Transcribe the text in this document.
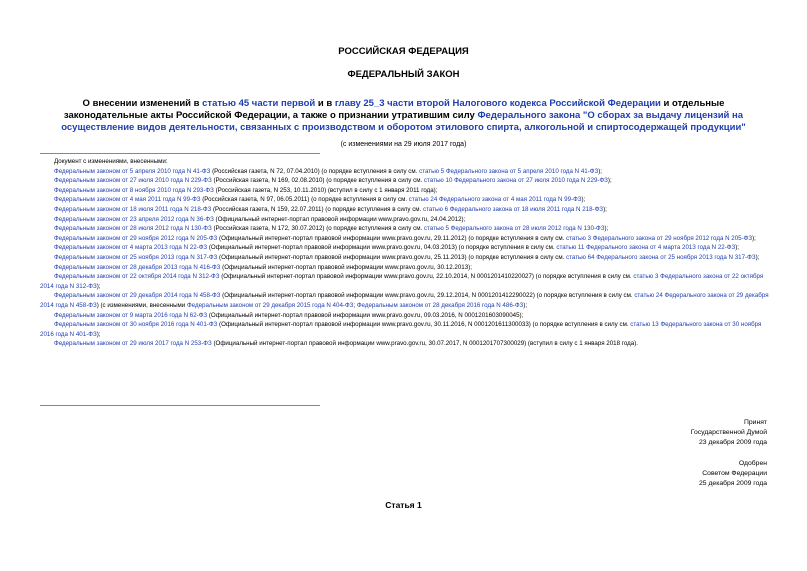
РОССИЙСКАЯ ФЕДЕРАЦИЯ
ФЕДЕРАЛЬНЫЙ ЗАКОН
О внесении изменений в статью 45 части первой и в главу 25_3 части второй Налогового кодекса Российской Федерации и отдельные законодательные акты Российской Федерации, а также о признании утратившим силу Федерального закона "О сборах за выдачу лицензий на осуществление видов деятельности, связанных с производством и оборотом этилового спирта, алкогольной и спиртосодержащей продукции"
(с изменениями на 29 июля 2017 года)
Документ с изменениями, внесенными:
Федеральным законом от 5 апреля 2010 года N 41-ФЗ (Российская газета, N 72, 07.04.2010) (о порядке вступления в силу см. статью 5 Федерального закона от 5 апреля 2010 года N 41-ФЗ);
Федеральным законом от 27 июля 2010 года N 229-ФЗ (Российская газета, N 169, 02.08.2010) (о порядке вступления в силу см. статью 10 Федерального закона от 27 июля 2010 года N 229-ФЗ);
Федеральным законом от 8 ноября 2010 года N 293-ФЗ (Российская газета, N 253, 10.11.2010) (вступил в силу с 1 января 2011 года);
Федеральным законом от 4 мая 2011 года N 99-ФЗ (Российская газета, N 97, 06.05.2011) (о порядке вступления в силу см. статью 24 Федерального закона от 4 мая 2011 года N 99-ФЗ);
Федеральным законом от 18 июля 2011 года N 218-ФЗ (Российская газета, N 159, 22.07.2011) (о порядке вступления в силу см. статью 6 Федерального закона от 18 июля 2011 года N 218-ФЗ);
Федеральным законом от 23 апреля 2012 года N 36-ФЗ (Официальный интернет-портал правовой информации www.pravo.gov.ru, 24.04.2012);
Федеральным законом от 28 июля 2012 года N 130-ФЗ (Российская газета, N 172, 30.07.2012) (о порядке вступления в силу см. статью 5 Федерального закона от 28 июля 2012 года N 130-ФЗ);
Федеральным законом от 29 ноября 2012 года N 205-ФЗ (Официальный интернет-портал правовой информации www.pravo.gov.ru, 29.11.2012) (о порядке вступления в силу см. статью 3 Федерального закона от 29 ноября 2012 года N 205-ФЗ);
Федеральным законом от 4 марта 2013 года N 22-ФЗ (Официальный интернет-портал правовой информации www.pravo.gov.ru, 04.03.2013) (о порядке вступления в силу см. статью 11 Федерального закона от 4 марта 2013 года N 22-ФЗ);
Федеральным законом от 25 ноября 2013 года N 317-ФЗ (Официальный интернет-портал правовой информации www.pravo.gov.ru, 25.11.2013) (о порядке вступления в силу см. статью 64 Федерального закона от 25 ноября 2013 года N 317-ФЗ);
Федеральным законом от 28 декабря 2013 года N 416-ФЗ (Официальный интернет-портал правовой информации www.pravo.gov.ru, 30.12.2013);
Федеральным законом от 22 октября 2014 года N 312-ФЗ (Официальный интернет-портал правовой информации www.pravo.gov.ru, 22.10.2014, N 0001201410220027) (о порядке вступления в силу см. статью 3 Федерального закона от 22 октября 2014 года N 312-ФЗ);
Федеральным законом от 29 декабря 2014 года N 458-ФЗ (Официальный интернет-портал правовой информации www.pravo.gov.ru, 29.12.2014, N 0001201412290022) (о порядке вступления в силу см. статью 24 Федерального закона от 29 декабря 2014 года N 458-ФЗ) (с изменениями, внесенными Федеральным законом от 29 декабря 2015 года N 404-ФЗ; Федеральным законом от 28 декабря 2016 года N 486-ФЗ);
Федеральным законом от 9 марта 2016 года N 62-ФЗ (Официальный интернет-портал правовой информации www.pravo.gov.ru, 09.03.2016, N 0001201603090045);
Федеральным законом от 30 ноября 2016 года N 401-ФЗ (Официальный интернет-портал правовой информации www.pravo.gov.ru, 30.11.2016, N 0001201611300033) (о порядке вступления в силу см. статью 13 Федерального закона от 30 ноября 2016 года N 401-ФЗ);
Федеральным законом от 29 июля 2017 года N 253-ФЗ (Официальный интернет-портал правовой информации www.pravo.gov.ru, 30.07.2017, N 0001201707300029) (вступил в силу с 1 января 2018 года).
Принят
Государственной Думой
23 декабря 2009 года
Одобрен
Советом Федерации
25 декабря 2009 года
Статья 1
